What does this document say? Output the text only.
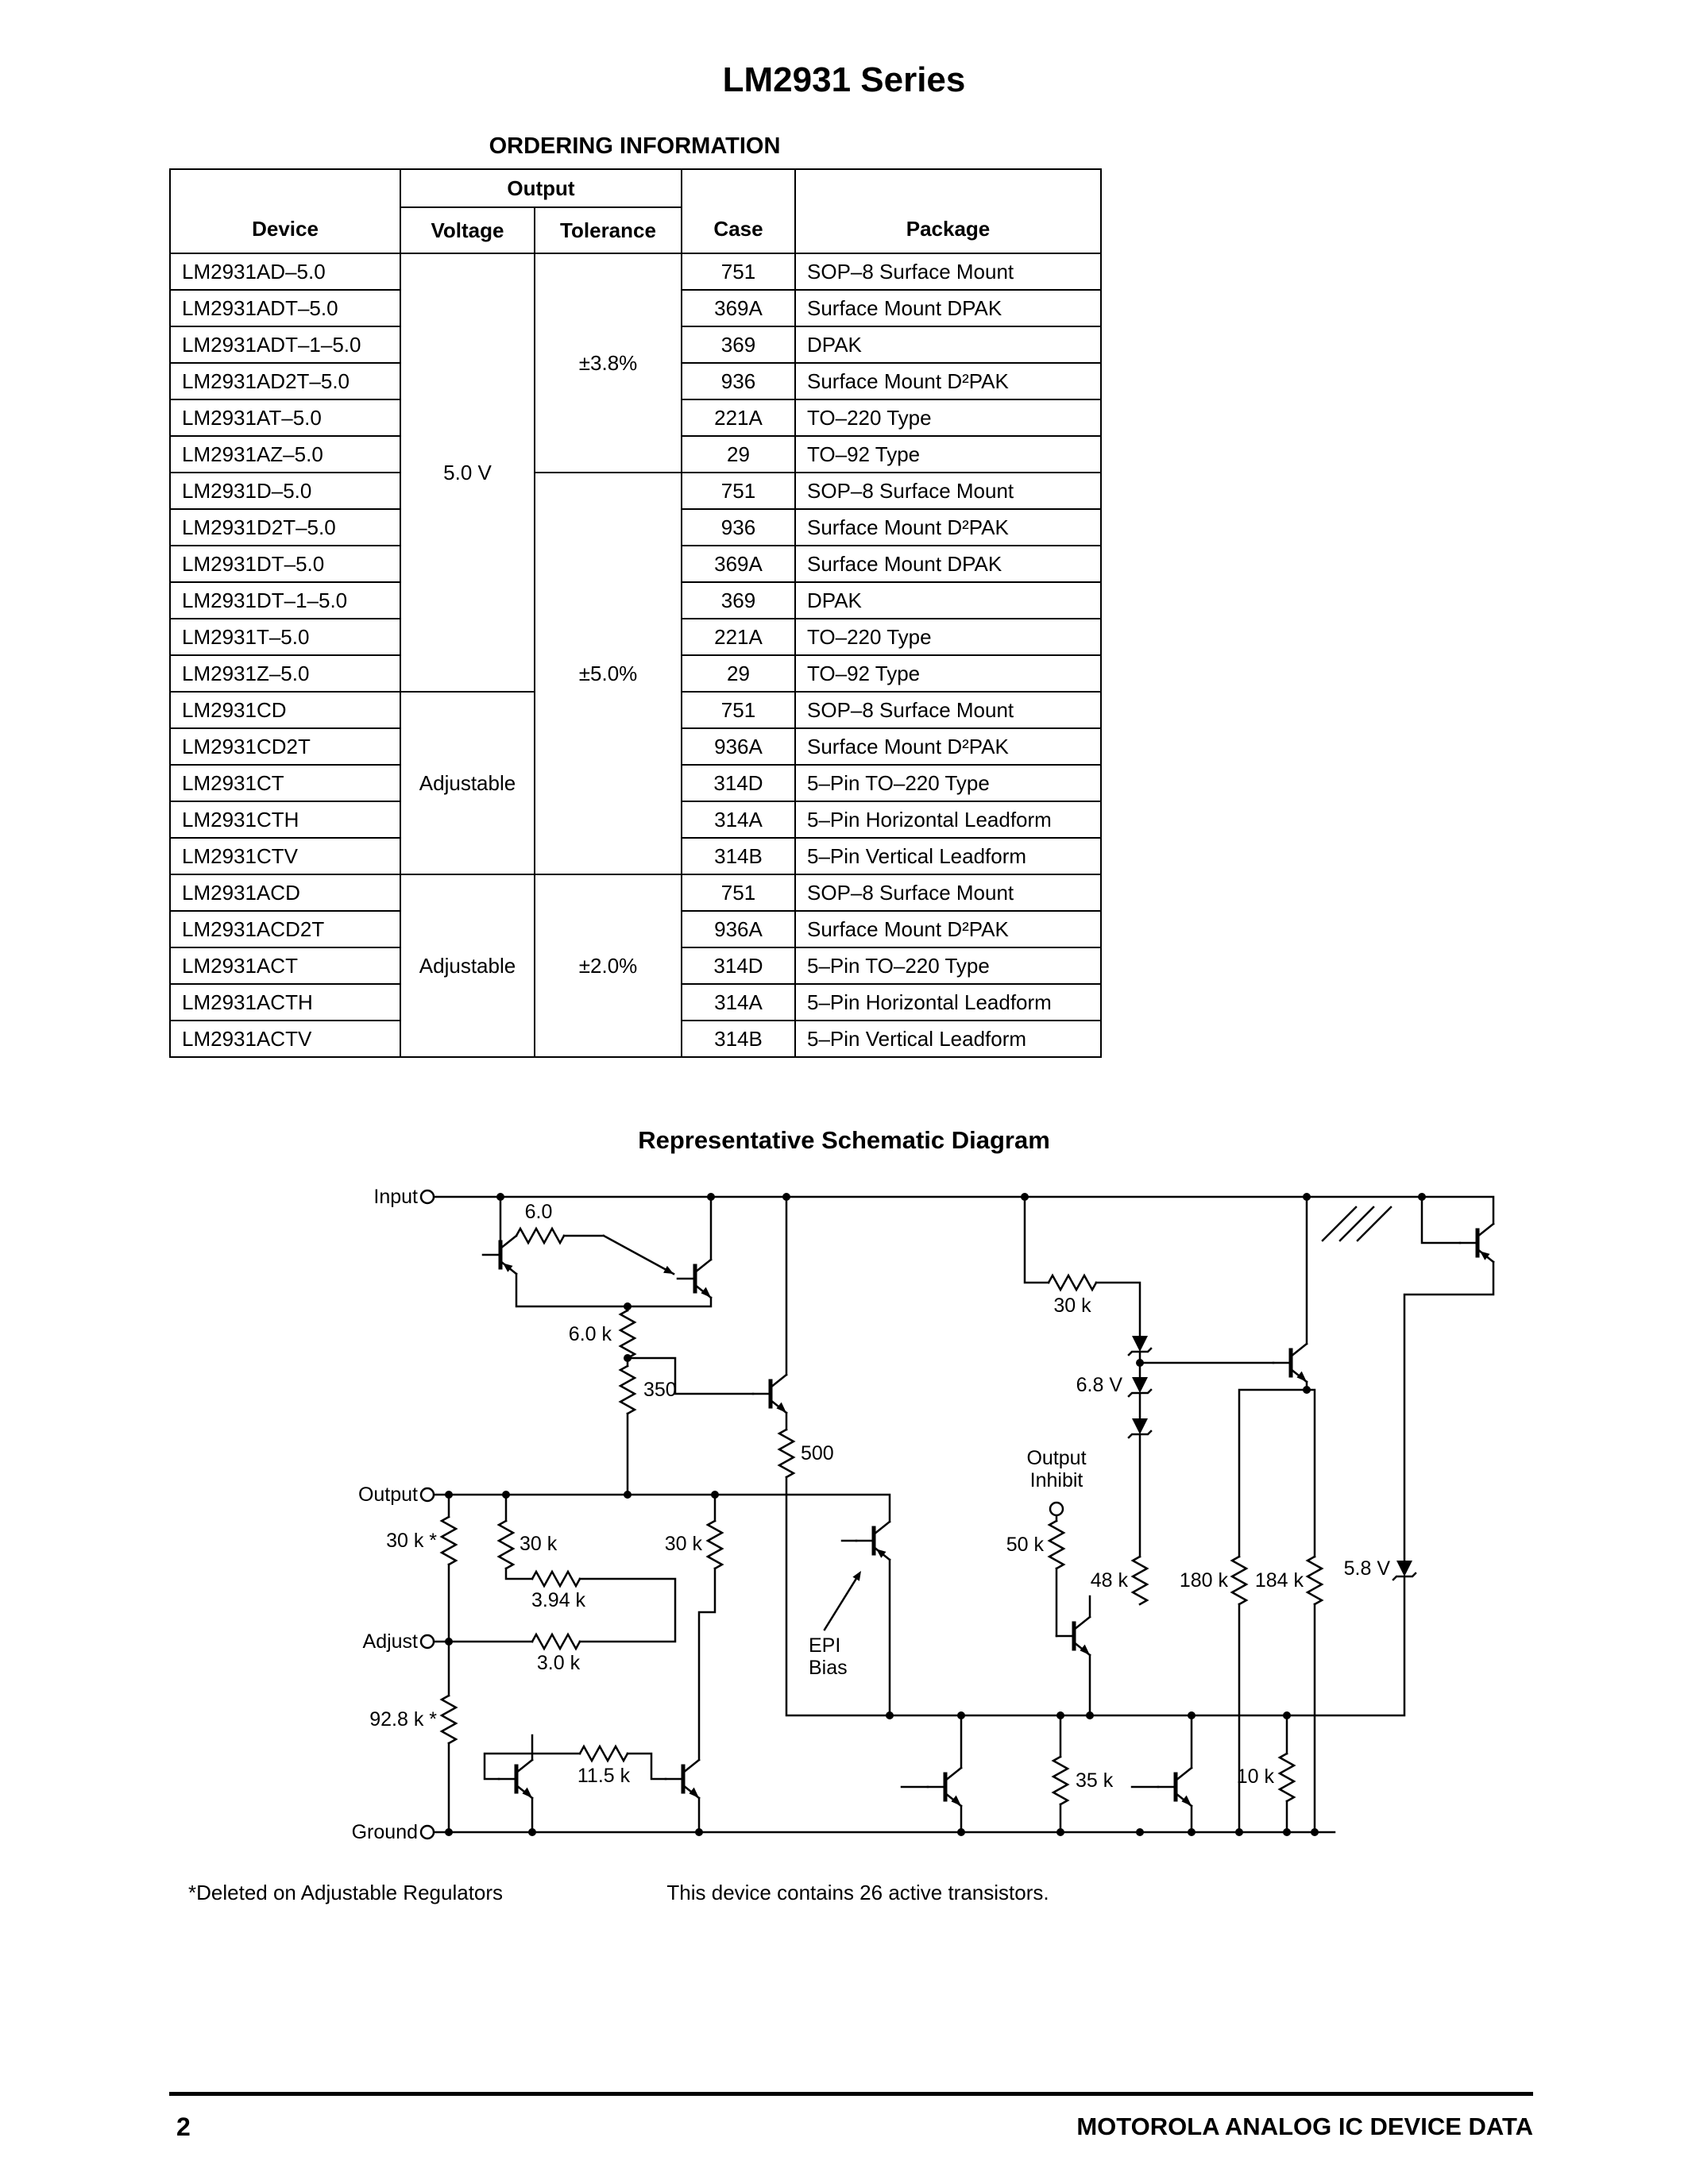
LM2931 Series
ORDERING INFORMATION
Device	Output		Case	Package
	Voltage	Tolerance		
LM2931AD–5.0	5.0 V	±3.8%	751	SOP–8 Surface Mount
LM2931ADT–5.0			369A	Surface Mount DPAK
LM2931ADT–1–5.0			369	DPAK
LM2931AD2T–5.0			936	Surface Mount D²PAK
LM2931AT–5.0			221A	TO–220 Type
LM2931AZ–5.0			29	TO–92 Type
LM2931D–5.0		±5.0%	751	SOP–8 Surface Mount
LM2931D2T–5.0			936	Surface Mount D²PAK
LM2931DT–5.0			369A	Surface Mount DPAK
LM2931DT–1–5.0			369	DPAK
LM2931T–5.0			221A	TO–220 Type
LM2931Z–5.0			29	TO–92 Type
LM2931CD	Adjustable		751	SOP–8 Surface Mount
LM2931CD2T			936A	Surface Mount D²PAK
LM2931CT			314D	5–Pin TO–220 Type
LM2931CTH			314A	5–Pin Horizontal Leadform
LM2931CTV			314B	5–Pin Vertical Leadform
LM2931ACD	Adjustable	±2.0%	751	SOP–8 Surface Mount
LM2931ACD2T			936A	Surface Mount D²PAK
LM2931ACT			314D	5–Pin TO–220 Type
LM2931ACTH			314A	5–Pin Horizontal Leadform
LM2931ACTV			314B	5–Pin Vertical Leadform
Representative Schematic Diagram
Input
Output
Adjust
Ground
Output
Inhibit
EPI
Bias
6.0
6.0 k
350
500
30 k
6.8 V
50 k
48 k	180 k 184 k
5.8 V
30 k *	30 k	30 k
3.94 k
3.0 k
92.8 k *
11.5 k	35 k	10 k
*Deleted on Adjustable Regulators	This device contains 26 active transistors.
2	MOTOROLA ANALOG IC DEVICE DATA
